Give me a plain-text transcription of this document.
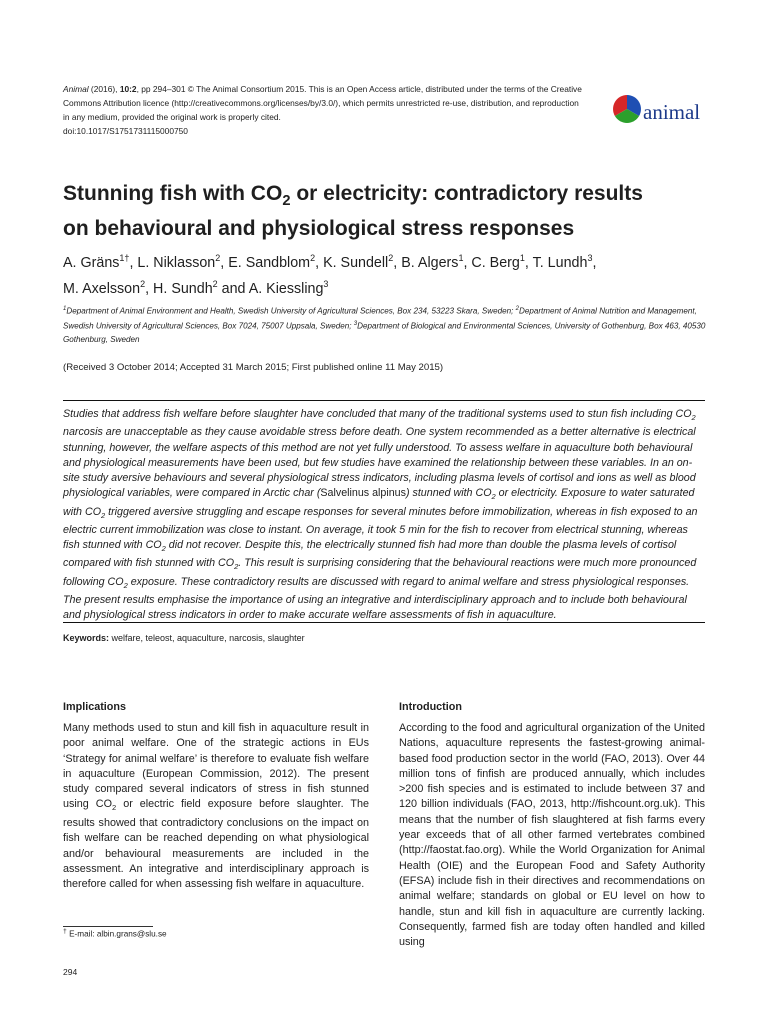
Animal (2016), 10:2, pp 294–301 © The Animal Consortium 2015. This is an Open Access article, distributed under the terms of the Creative Commons Attribution licence (http://creativecommons.org/licenses/by/3.0/), which permits unrestricted re-use, distribution, and reproduction in any medium, provided the original work is properly cited.
doi:10.1017/S1751731115000750
animal
Stunning fish with $CO_2$ or electricity: contradictory results
on behavioural and physiological stress responses
A. Gräns$^{1\dagger}$, L. Niklasson$^2$, E. Sandblom$^2$, K. Sundell$^2$, B. Algers$^1$, C. Berg$^1$, T. Lundh$^3$,
M. Axelsson$^2$, H. Sundh$^2$ and A. Kiessling$^3$
$^1$Department of Animal Environment and Health, Swedish University of Agricultural Sciences, Box 234, 53223 Skara, Sweden; $^2$Department of Animal Nutrition and Management, Swedish University of Agricultural Sciences, Box 7024, 75007 Uppsala, Sweden; $^3$Department of Biological and Environmental Sciences, University of Gothenburg, Box 463, 40530 Gothenburg, Sweden
(Received 3 October 2014; Accepted 31 March 2015; First published online 11 May 2015)
Studies that address fish welfare before slaughter have concluded that many of the traditional systems used to stun fish including $CO_2$ narcosis are unacceptable as they cause avoidable stress before death. One system recommended as a better alternative is electrical stunning, however, the welfare aspects of this method are not yet fully understood. To assess welfare in aquaculture both behavioural and physiological measurements have been used, but few studies have examined the relationship between these variables. In an on-site study aversive behaviours and several physiological stress indicators, including plasma levels of cortisol and ions as well as blood physiological variables, were compared in Arctic char (Salvelinus alpinus) stunned with $CO_2$ or electricity. Exposure to water saturated with $CO_2$ triggered aversive struggling and escape responses for several minutes before immobilization, whereas in fish exposed to an electric current immobilization was close to instant. On average, it took 5 min for the fish to recover from electrical stunning, whereas fish stunned with $CO_2$ did not recover. Despite this, the electrically stunned fish had more than double the plasma levels of cortisol compared with fish stunned with $CO_2$. This result is surprising considering that the behavioural reactions were much more pronounced following $CO_2$ exposure. These contradictory results are discussed with regard to animal welfare and stress physiological responses. The present results emphasise the importance of using an integrative and interdisciplinary approach and to include both behavioural and physiological stress indicators in order to make accurate welfare assessments of fish in aquaculture.
Keywords: welfare, teleost, aquaculture, narcosis, slaughter
Implications
Many methods used to stun and kill fish in aquaculture result in poor animal welfare. One of the strategic actions in EUs ‘Strategy for animal welfare’ is therefore to evaluate fish welfare in aquaculture (European Commission, 2012). The present study compared several indicators of stress in fish stunned using $CO_2$ or electric field exposure before slaughter. The results showed that contradictory conclusions on the impact on fish welfare can be reached depending on what physiological and/or behavioural measurements are included in the assessment. An integrative and interdisciplinary approach is therefore called for when assessing fish welfare in aquaculture.
Introduction
According to the food and agricultural organization of the United Nations, aquaculture represents the fastest-growing animal-based food production sector in the world (FAO, 2013). Over 44 million tons of finfish are produced annually, which includes >200 fish species and is estimated to include between 37 and 120 billion individuals (FAO, 2013, http://fishcount.org.uk). This means that the number of fish slaughtered at fish farms every year exceeds that of all other farmed vertebrates combined (http://faostat.fao.org). While the World Organization for Animal Health (OIE) and the European Food and Safety Authority (EFSA) include fish in their directives and recommendations on animal welfare; standards on global or EU level on how to handle, stun and kill fish in aquaculture are currently lacking. Consequently, farmed fish are today often handled and killed using
† E-mail: albin.grans@slu.se
294
